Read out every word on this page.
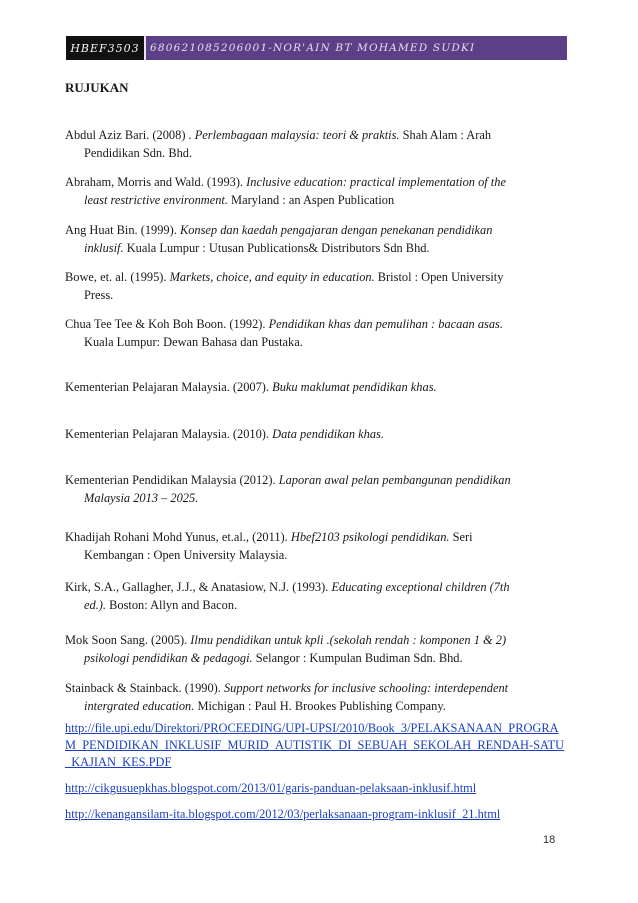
HBEF3503 680621085206001-NOR'AIN BT MOHAMED SUDKI
RUJUKAN
Abdul Aziz Bari. (2008) . Perlembagaan malaysia: teori & praktis. Shah Alam : Arah
Pendidikan Sdn. Bhd.
Abraham, Morris and Wald. (1993). Inclusive education: practical implementation of the
least restrictive environment. Maryland : an Aspen Publication
Ang Huat Bin. (1999). Konsep dan kaedah pengajaran dengan penekanan pendidikan
inklusif. Kuala Lumpur : Utusan Publications& Distributors Sdn Bhd.
Bowe, et. al. (1995). Markets, choice, and equity in education. Bristol : Open University
Press.
Chua Tee Tee & Koh Boh Boon. (1992). Pendidikan khas dan pemulihan : bacaan asas.
Kuala Lumpur: Dewan Bahasa dan Pustaka.
Kementerian Pelajaran Malaysia. (2007). Buku maklumat pendidikan khas.
Kementerian Pelajaran Malaysia. (2010). Data pendidikan khas.
Kementerian Pendidikan Malaysia (2012). Laporan awal pelan pembangunan pendidikan
Malaysia 2013 – 2025.
Khadijah Rohani Mohd Yunus, et.al., (2011). Hbef2103 psikologi pendidikan. Seri
Kembangan : Open University Malaysia.
Kirk, S.A., Gallagher, J.J., & Anatasiow, N.J. (1993). Educating exceptional children (7th
ed.). Boston: Allyn and Bacon.
Mok Soon Sang. (2005). Ilmu pendidikan untuk kpli .(sekolah rendah : komponen 1 & 2)
psikologi pendidikan & pedagogi. Selangor : Kumpulan Budiman Sdn. Bhd.
Stainback & Stainback. (1990). Support networks for inclusive schooling: interdependent
intergrated education. Michigan : Paul H. Brookes Publishing Company.
http://file.upi.edu/Direktori/PROCEEDING/UPI-UPSI/2010/Book_3/PELAKSANAAN_PROGRAM_PENDIDIKAN_INKLUSIF_MURID_AUTISTIK_DI_SEBUAH_SEKOLAH_RENDAH-SATU_KAJIAN_KES.PDF
http://cikgusuepkhas.blogspot.com/2013/01/garis-panduan-pelaksaan-inklusif.html
http://kenangansilam-ita.blogspot.com/2012/03/perlaksanaan-program-inklusif_21.html
18
